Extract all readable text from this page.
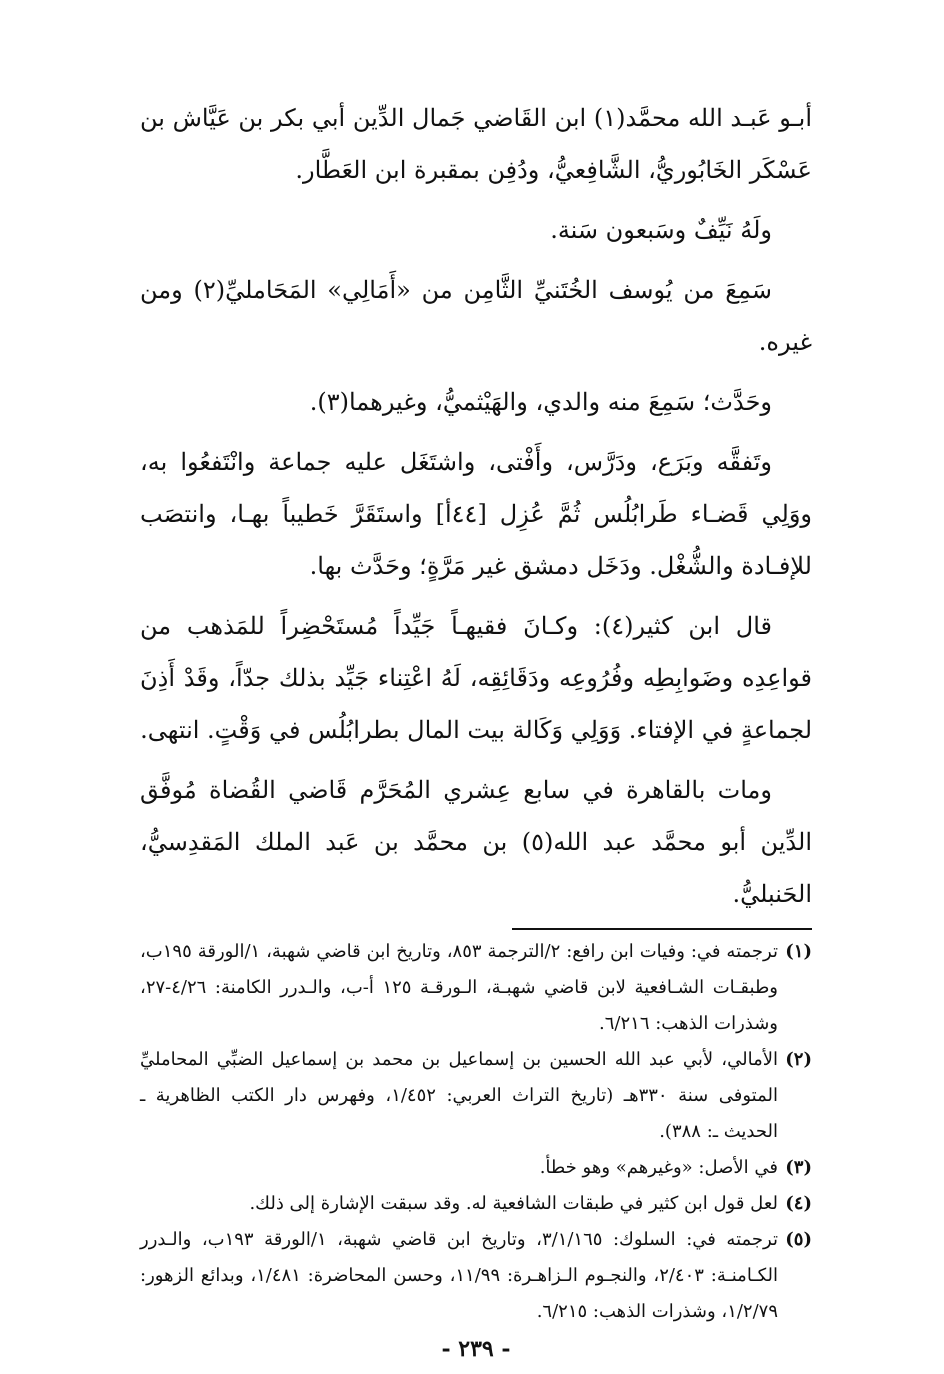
أبـو عَبـد الله محمَّد(١) ابن القَاضي جَمال الدِّين أبي بكر بن عَيَّاش بن عَسْكَر الخَابُوريُّ، الشَّافِعيُّ، ودُفِن بمقبرة ابن العَطَّار.

ولَهُ نَيِّفٌ وسَبعون سَنة.

سَمِعَ من يُوسف الخُتَنيِّ الثَّامِن من «أَمَالِي» المَحَامليِّ(٢) ومن غيره.

وحَدَّث؛ سَمِعَ منه والدي، والهَيْثميُّ، وغيرهما(٣).

وتَفقَّه وبَرَع، ودَرَّس، وأَفْتى، واشتَغَل عليه جماعة وانْتَفعُوا به، ووَلِي قَضـاء طَرابُلُس ثُمَّ عُزِل [٤٤أ] واستَقَرَّ خَطيباً بهـا، وانتصَب للإفـادة والشُّغْل. ودَخَل دمشق غير مَرَّةٍ؛ وحَدَّث بها.

قال ابن كثير(٤): وكـانَ فقيهـاً جَيِّداً مُستَحْضِراً للمَذهب من قواعِدِه وضَوابِطِه وفُرُوعِه ودَقَائِقِه، لَهُ اعْتِناء جَيِّد بذلك جدّاً، وقَدْ أَذِنَ لجماعةٍ في الإفتاء. وَوَلِي وَكَالة بيت المال بطرابُلُس في وَقْتٍ. انتهى.

ومات بالقاهرة في سابع عِشري المُحَرَّم قَاضي القُضاة مُوفَّق الدِّين أبو محمَّد عبد الله(٥) بن محمَّد بن عَبد الملك المَقدِسيُّ، الحَنبليُّ.

(١)
ترجمته في: وفيات ابن رافع: ٢/الترجمة ٨٥٣، وتاريخ ابن قاضي شهبة، ١/الورقة ١٩٥ب، وطبقـات الشـافعية لابن قاضي شهبـة، الـورقـة ١٢٥ أ-ب، والـدرر الكامنة: ٤/٢٦-٢٧، وشذرات الذهب: ٦/٢١٦.

(٢)
الأمالي، لأبي عبد الله الحسين بن إسماعيل بن محمد بن إسماعيل الضبِّي المحامليِّ المتوفى سنة ٣٣٠هـ (تاريخ التراث العربي: ١/٤٥٢، وفهرس دار الكتب الظاهرية ـ الحديث ـ: ٣٨٨).

(٣)
في الأصل: «وغيرهم» وهو خطأ.

(٤)
لعل قول ابن كثير في طبقات الشافعية له. وقد سبقت الإشارة إلى ذلك.

(٥)
ترجمته في: السلوك: ٣/١/١٦٥، وتاريخ ابن قاضي شهبة، ١/الورقة ١٩٣ب، والـدرر الكـامنـة: ٢/٤٠٣، والنجـوم الـزاهـرة: ١١/٩٩، وحسن المحاضرة: ١/٤٨١، وبدائع الزهور: ١/٢/٧٩، وشذرات الذهب: ٦/٢١٥.

- ٢٣٩ -
